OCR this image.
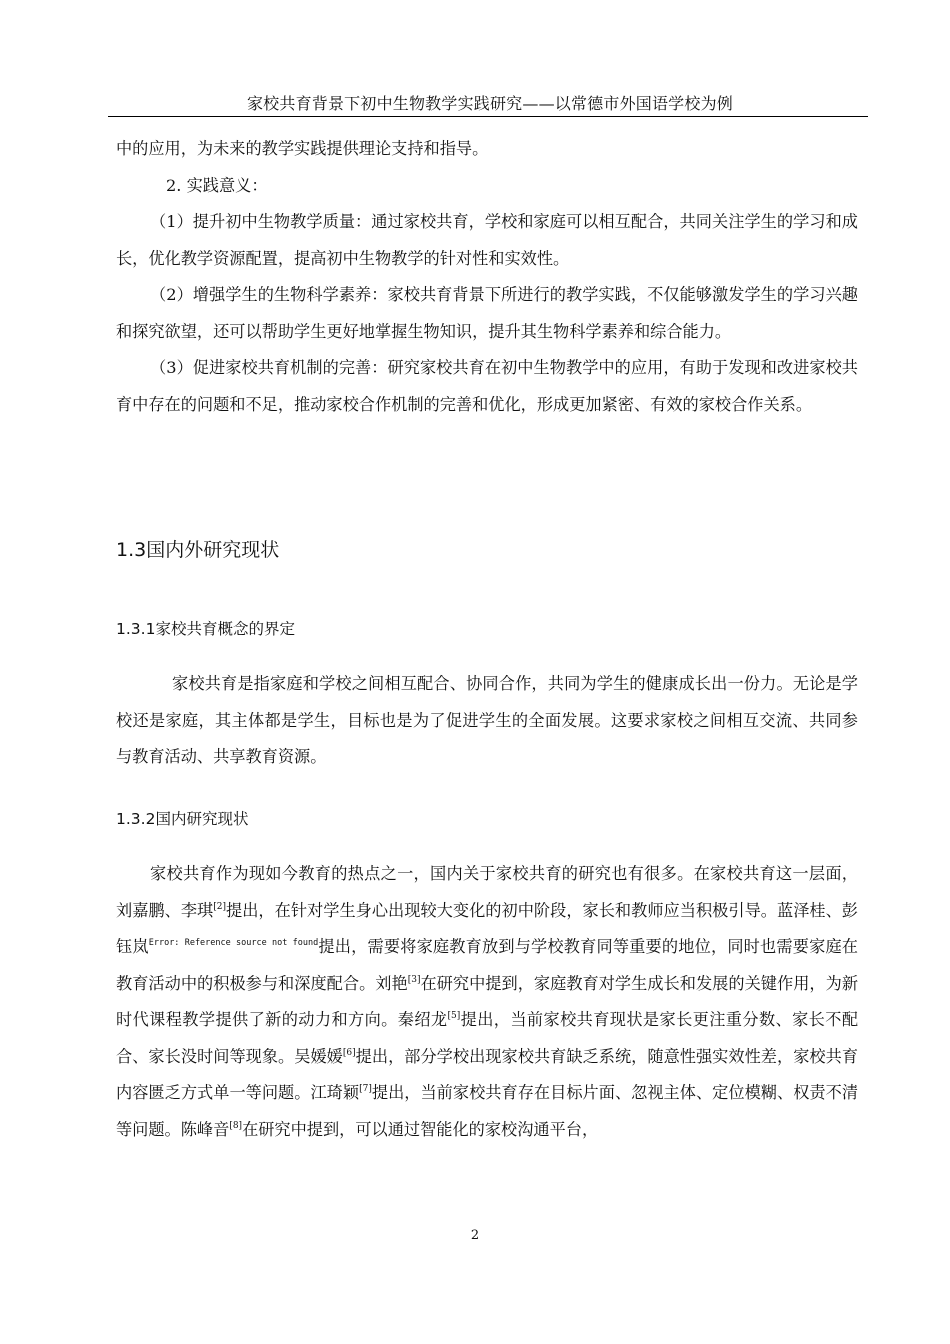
家校共育背景下初中生物教学实践研究——以常德市外国语学校为例

中的应用，为未来的教学实践提供理论支持和指导。

2. 实践意义：

（1）提升初中生物教学质量：通过家校共育，学校和家庭可以相互配合，共同关注学生的学习和成长，优化教学资源配置，提高初中生物教学的针对性和实效性。

（2）增强学生的生物科学素养：家校共育背景下所进行的教学实践，不仅能够激发学生的学习兴趣和探究欲望，还可以帮助学生更好地掌握生物知识，提升其生物科学素养和综合能力。

（3）促进家校共育机制的完善：研究家校共育在初中生物教学中的应用，有助于发现和改进家校共育中存在的问题和不足，推动家校合作机制的完善和优化，形成更加紧密、有效的家校合作关系。

1.3国内外研究现状
1.3.1家校共育概念的界定

家校共育是指家庭和学校之间相互配合、协同合作，共同为学生的健康成长出一份力。无论是学校还是家庭，其主体都是学生，目标也是为了促进学生的全面发展。这要求家校之间相互交流、共同参与教育活动、共享教育资源。

1.3.2国内研究现状

家校共育作为现如今教育的热点之一，国内关于家校共育的研究也有很多。在家校共育这一层面，刘嘉鹏、李琪[2]提出，在针对学生身心出现较大变化的初中阶段，家长和教师应当积极引导。蓝泽桂、彭钰岚$^{Error: Reference source not found}$提出，需要将家庭教育放到与学校教育同等重要的地位，同时也需要家庭在教育活动中的积极参与和深度配合。刘艳[3]在研究中提到，家庭教育对学生成长和发展的关键作用，为新时代课程教学提供了新的动力和方向。秦绍龙[5]提出，当前家校共育现状是家长更注重分数、家长不配合、家长没时间等现象。吴媛媛[6]提出，部分学校出现家校共育缺乏系统，随意性强实效性差，家校共育内容匮乏方式单一等问题。江琦颖[7]提出，当前家校共育存在目标片面、忽视主体、定位模糊、权责不清等问题。陈峰音[8]在研究中提到，可以通过智能化的家校沟通平台，

2
